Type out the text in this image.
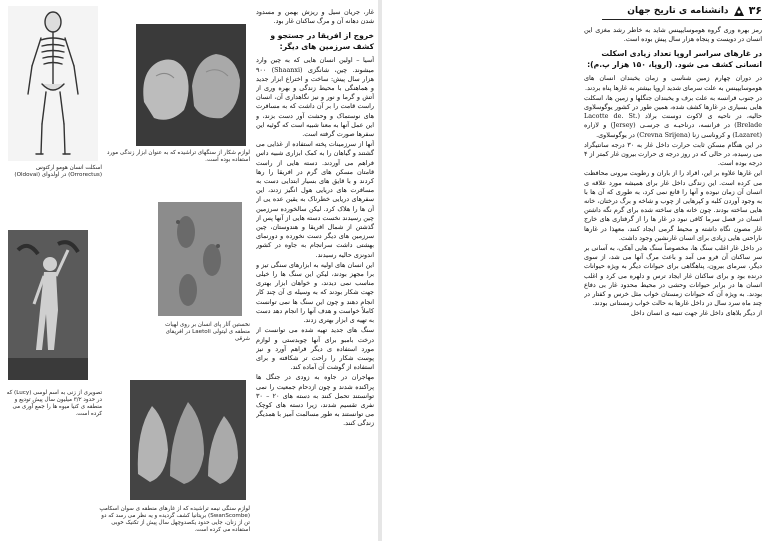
اسکلت انسان هومو ارکتوس (Orrorectus) در اولدوای (Oldovai)
لوازم شکار از سنگهای تراشیده که به عنوان ابزار زندگی مورد استفاده بوده است.
نخستین آثار پای انسان بر روی لهیات منطقه ی لیتولی Laetoli در افریقای شرقی
تصویری از زنی به اسم لوسی (Lucy) که در حدود ۳/۲ میلیون سال پیش تودیع و منطقه ی کنیا میوه ها را جمع آوری می کرده است.
لوازم سنگی نیمه تراشیده که از غارهای منطقه ی سوان اسکامپ (SwanScombe) بریتانیا کشف گردیده و یه نظر می رسد که دو تن از زنان، جایی حدود یکصدوچهل سال پیش از تکنیک خوبی استفاده می کرده است.

غار، جریان سیل و ریزش بهمن و مسدود شدن دهانه آن و مرگ ساکنان غار بود.

خروج از افریقا در جستجو و کشف سرزمین های دیگر:

آسیا – اولین انسان هایی که به چین وارد میشوند. چین، شانگزی (Shaanxi) ۹۰۰ هزار سال پیش: ساخت و اختراع ابزار جدید و هماهنگی با محیط زندگی و بهره وری از آتش و گرما و نور و نیز نگاهداری آن، انسان راست قامت را بر آن داشت که به مسافرت های نوستماک و وحشت آور دست بزند، و این عمل آنها به معنا شبیه است که گوئیه این سفرها صورت گرفته است.

آنها از سرزمینات پخته استفاده از غذایی می گشتند و گیاهان را به کمک ابزاری شبیه داس فراهم می آوردند. دسته هایی از راست قامتان مسکن های گرم در افریقا را رها کردند و با قایق های بسیار ابتدایی دست به مسافرت های دریایی هول انگیز زدند، این سفرهای دریایی خطرناک به یقین عده یی از آن ها را هلاک کرد. لیکن سالخورده سرزمین چین رسیدند نخست دسته هایی از آنها پس از گذشتن از شمال افریقا و هندوستان، چین سرزمین های دیگر دست نخورده و دورنمای بهشتی داشت سرانجام به جاوه در کشور اندونزی حالیه رسیدند.

این انسان های اولیه به ابزارهای سنگی تیز و برا مجهز بودند، لیکن این سنگ ها را خیلی مناسب نمی دیدند، و خواهان ابزار بهتری جهت شکار بودند که به وسیله ی آن چند کار انجام دهند و چون این سنگ ها نمی توانست کاملاً خواست و هدف آنها را انجام دهد دست به تهیه ی ابزار بهتری زدند.

سنگ های جدید تهیه شده می توانست از درخت بامبو برای آنها چوبدستی و لوازم مورد استفاده ی دیگر فراهم آورد و نیز پوست شکار را راحت تر شکافته و برای استفاده از گوشت آن آماده کند.

مهاجران در جاوه به زودی در جنگل ها پراکنده شدند و چون ازدحام جمعیت را نمی توانستند تحمل کنند به دسته های ۲۰ – ۳۰ نفری تقسیم شدند، زیرا دسته های کوچک می توانستند به طور مسالمت آمیز با همدیگر زندگی کنند.

۳۶
دانشنامه ی تاریخ جهان

رمز بهره وری گروه هوموسایپینس شاید به خاطر رشد مغزی این انسان در دویست و پنجاه هزار سال پیش بوده است.

در غارهای سراسر اروپا تعداد زیادی اسکلت انسانی کشف می شود. (اروپا، ۱۵۰ هزار پ.م):

در دوران چهارم زمین شناسی و زمان یخبندان انسان های هوموسایپینس به علت سرمای شدید اروپا بیشتر به غارها پناه بردند.

در جنوب فرانسه به علت برف و یخبندان جنگلها و زمین ها، اسکلت هایی بسیاری در غارها کشف شده، همین طور در کشور یوگوسلاوی حالیه، در ناحیه ی لاکوت دوسنت برلاد (Lacotte de. St. Brelade) در فرانسه، درناحیـه ی جرسـی (Jersey) و لازاره (Lazaret) و کروناسی زنا (Crevna Srijena) در یوگوسلاوی.

در این هنگام مسکن ثابت حرارت داخل غار به ۳۰ درجه سانتیگراد می رسیده، در حالی که در روز درجه ی حرارت بیرون غار کمتر از ۴ درجه بوده است.

این غارها علاوه بر این، افراد را از باران و رطوبت بیرونی محافظت می کرده است. این زندگی داخل غار برای همیشه مورد علاقه ی انسان آن زمان نبوده و آنها را قانع نمی کرد، به طوری که آن ها با به وجود آوردن کلبه و کپرهایی از چوب و شاخه و برگ درختان، خانه هایی ساخته بودند. چون خانه های ساخته شده برای گرم نگه داشتن انسان در فصل سرما کافی نبود در غار ها را از گرفتاری های خارج غار مصون نگاه داشته و محیط گرمی ایجاد کنند، معهذا در غارها ناراحتی هایی زیادی برای انسان غارنشین وجود داشت.

در داخل غار اغلب سنگ ها، مخصوصاً سنگ هایی آهکی، به آسانی بر سر ساکنان آن فرو می آمد و باعث مرگ آنها می شد، از سوی دیگر، سرمای بیرون، پناهگاهی برای حیوانات دیگر به ویژه حیوانات درنده بود و برای ساکنان غار ایجاد ترس و دلهره می کرد و اغلب انسان ها در برابر حیوانات وحشی در محیط محدود غار بی دفاع بودند. به ویژه آن که حیوانات زمستان خواب مثل خرس و کفتار در چند ماه سرد سال در داخل غارها به حالت خواب زمستانی بودند.

از دیگر بلاهای داخل غار جهت تنبیه ی انسان داخل
